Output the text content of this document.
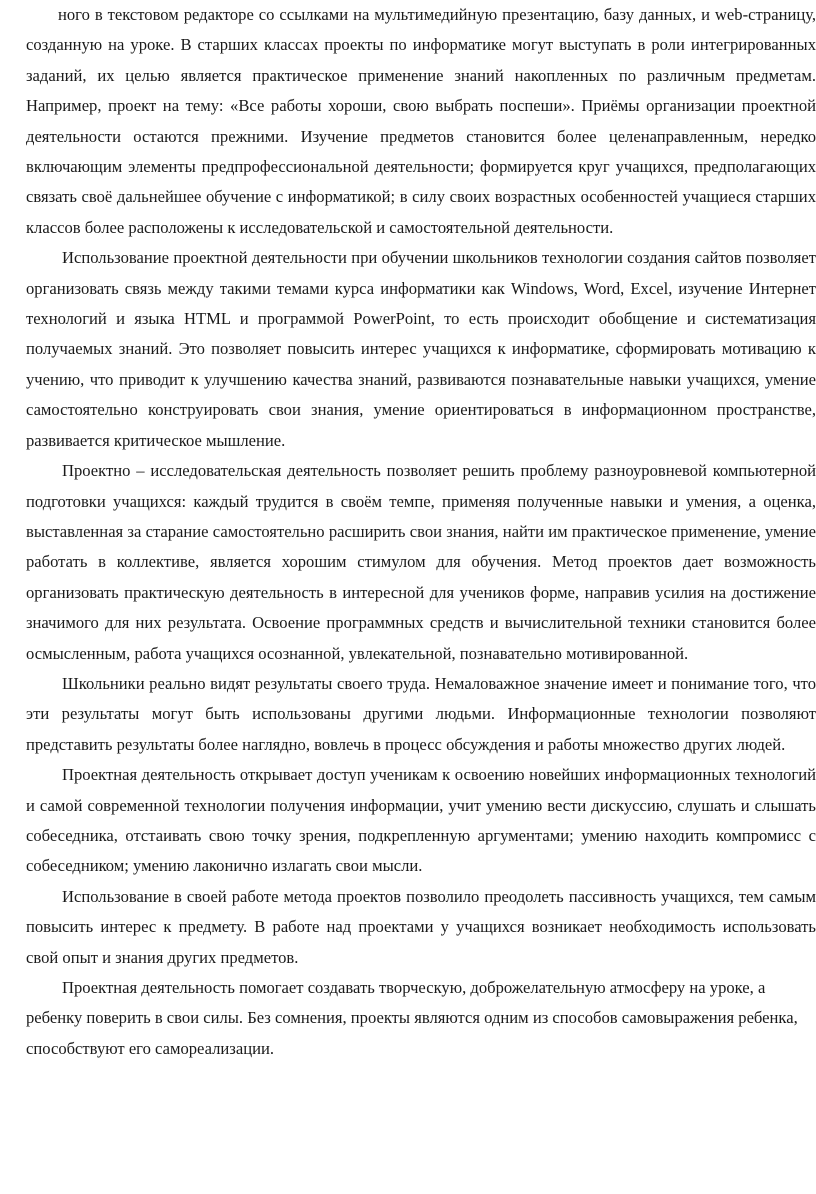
ного в текстовом редакторе со ссылками на мультимедийную презентацию, базу данных, и web-страницу, созданную на уроке. В старших классах проекты по информатике могут выступать в роли интегрированных заданий, их целью является практическое применение знаний накопленных по различным предметам. Например, проект на тему: «Все работы хороши, свою выбрать поспеши». Приёмы организации проектной деятельности остаются прежними. Изучение предметов становится более целенаправленным, нередко включающим элементы предпрофессиональной деятельности; формируется круг учащихся, предполагающих связать своё дальнейшее обучение с информатикой; в силу своих возрастных особенностей учащиеся старших классов более расположены к исследовательской и самостоятельной деятельности.

Использование проектной деятельности при обучении школьников технологии создания сайтов позволяет организовать связь между такими темами курса информатики как Windows, Word, Excel, изучение Интернет технологий и языка HTML и программой PowerPoint, то есть происходит обобщение и систематизация получаемых знаний. Это позволяет повысить интерес учащихся к информатике, сформировать мотивацию к учению, что приводит к улучшению качества знаний, развиваются познавательные навыки учащихся, умение самостоятельно конструировать свои знания, умение ориентироваться в информационном пространстве, развивается критическое мышление.

Проектно – исследовательская деятельность позволяет решить проблему разноуровневой компьютерной подготовки учащихся: каждый трудится в своём темпе, применяя полученные навыки и умения, а оценка, выставленная за старание самостоятельно расширить свои знания, найти им практическое применение, умение работать в коллективе, является хорошим стимулом для обучения. Метод проектов дает возможность организовать практическую деятельность в интересной для учеников форме, направив усилия на достижение значимого для них результата. Освоение программных средств и вычислительной техники становится более осмысленным, работа учащихся осознанной, увлекательной, познавательно мотивированной.

Школьники реально видят результаты своего труда. Немаловажное значение имеет и понимание того, что эти результаты могут быть использованы другими людьми. Информационные технологии позволяют представить результаты более наглядно, вовлечь в процесс обсуждения и работы множество других людей.

Проектная деятельность открывает доступ ученикам к освоению новейших информационных технологий и самой современной технологии получения информации, учит умению вести дискуссию, слушать и слышать собеседника, отстаивать свою точку зрения, подкрепленную аргументами; умению находить компромисс с собеседником; умению лаконично излагать свои мысли.

Использование в своей работе метода проектов позволило преодолеть пассивность учащихся, тем самым повысить интерес к предмету. В работе над проектами у учащихся возникает необходимость использовать свой опыт и знания других предметов.

Проектная деятельность помогает создавать творческую, доброжелательную атмосферу на уроке, а ребенку поверить в свои силы. Без сомнения, проекты являются одним из способов самовыражения ребенка, способствуют его самореализации.
